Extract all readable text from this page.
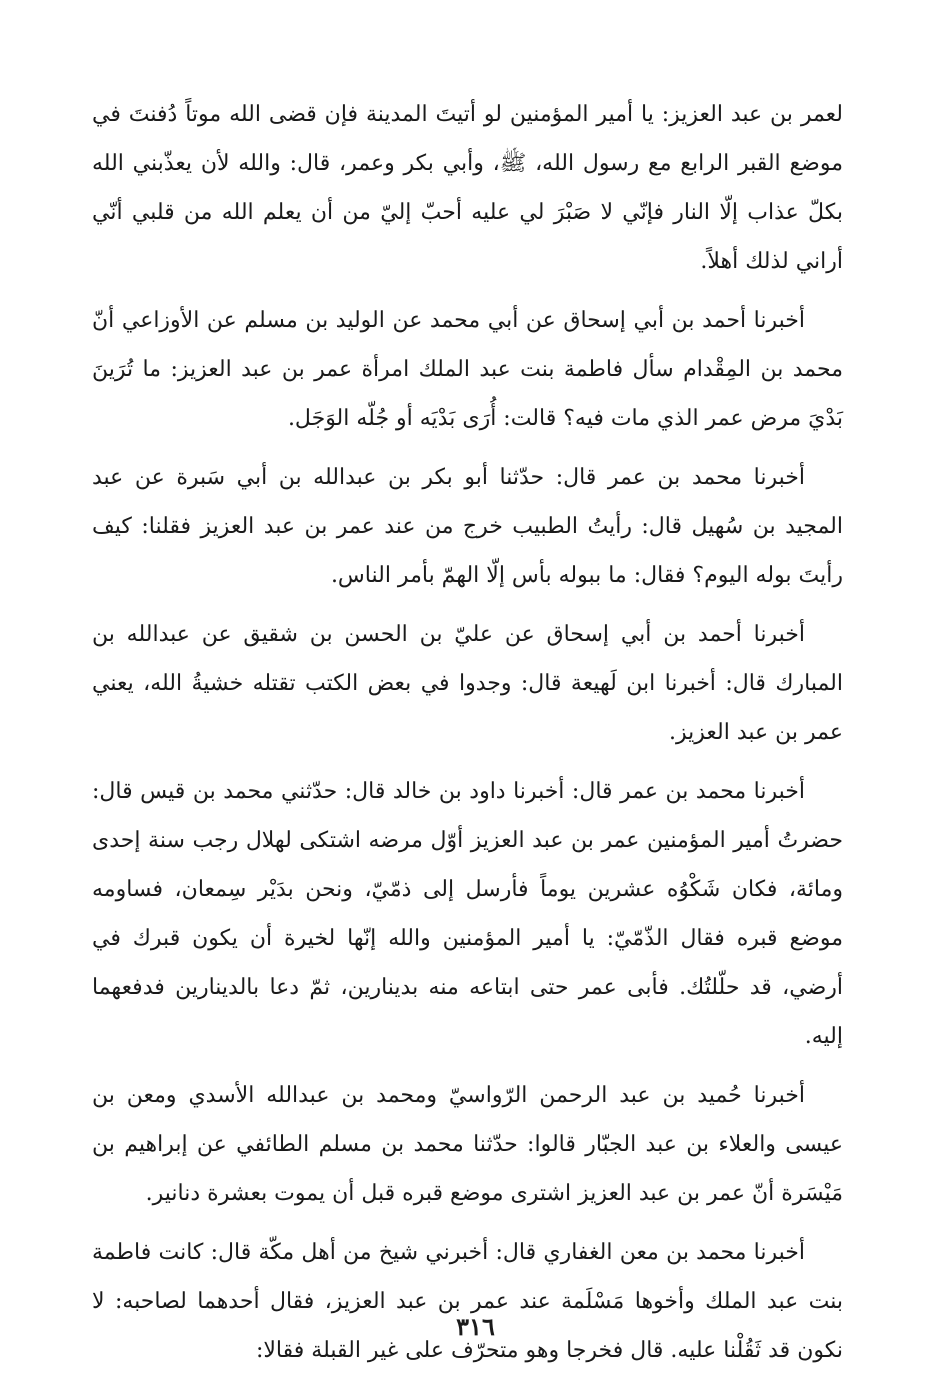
لعمر بن عبد العزيز: يا أمير المؤمنين لو أتيتَ المدينة فإن قضى الله موتاً دُفنتَ في موضع القبر الرابع مع رسول الله، ﷺ، وأبي بكر وعمر، قال: والله لأن يعذّبني الله بكلّ عذاب إلّا النار فإنّي لا صَبْرَ لي عليه أحبّ إليّ من أن يعلم الله من قلبي أنّي أراني لذلك أهلاً.

أخبرنا أحمد بن أبي إسحاق عن أبي محمد عن الوليد بن مسلم عن الأوزاعي أنّ محمد بن المِقْدام سأل فاطمة بنت عبد الملك امرأة عمر بن عبد العزيز: ما تُرَينَ بَدْيَ مرض عمر الذي مات فيه؟ قالت: أُرَى بَدْيَه أو جُلّه الوَجَل.

أخبرنا محمد بن عمر قال: حدّثنا أبو بكر بن عبدالله بن أبي سَبرة عن عبد المجيد بن سُهيل قال: رأيتُ الطبيب خرج من عند عمر بن عبد العزيز فقلنا: كيف رأيتَ بوله اليوم؟ فقال: ما ببوله بأس إلّا الهمّ بأمر الناس.

أخبرنا أحمد بن أبي إسحاق عن عليّ بن الحسن بن شقيق عن عبدالله بن المبارك قال: أخبرنا ابن لَهيعة قال: وجدوا في بعض الكتب تقتله خشيةُ الله، يعني عمر بن عبد العزيز.

أخبرنا محمد بن عمر قال: أخبرنا داود بن خالد قال: حدّثني محمد بن قيس قال: حضرتُ أمير المؤمنين عمر بن عبد العزيز أوّل مرضه اشتكى لهلال رجب سنة إحدى ومائة، فكان شَكْوُه عشرين يوماً فأرسل إلى ذمّيّ، ونحن بدَيْر سِمعان، فساومه موضع قبره فقال الذّمّيّ: يا أمير المؤمنين والله إنّها لخيرة أن يكون قبرك في أرضي، قد حلّلتُك. فأبى عمر حتى ابتاعه منه بدينارين، ثمّ دعا بالدينارين فدفعهما إليه.

أخبرنا حُميد بن عبد الرحمن الرّواسيّ ومحمد بن عبدالله الأسدي ومعن بن عيسى والعلاء بن عبد الجبّار قالوا: حدّثنا محمد بن مسلم الطائفي عن إبراهيم بن مَيْسَرة أنّ عمر بن عبد العزيز اشترى موضع قبره قبل أن يموت بعشرة دنانير.

أخبرنا محمد بن معن الغفاري قال: أخبرني شيخ من أهل مكّة قال: كانت فاطمة بنت عبد الملك وأخوها مَسْلَمة عند عمر بن عبد العزيز، فقال أحدهما لصاحبه: لا نكون قد ثَقُلْنا عليه. قال فخرجا وهو متحرّف على غير القبلة فقالا:

٣١٦
